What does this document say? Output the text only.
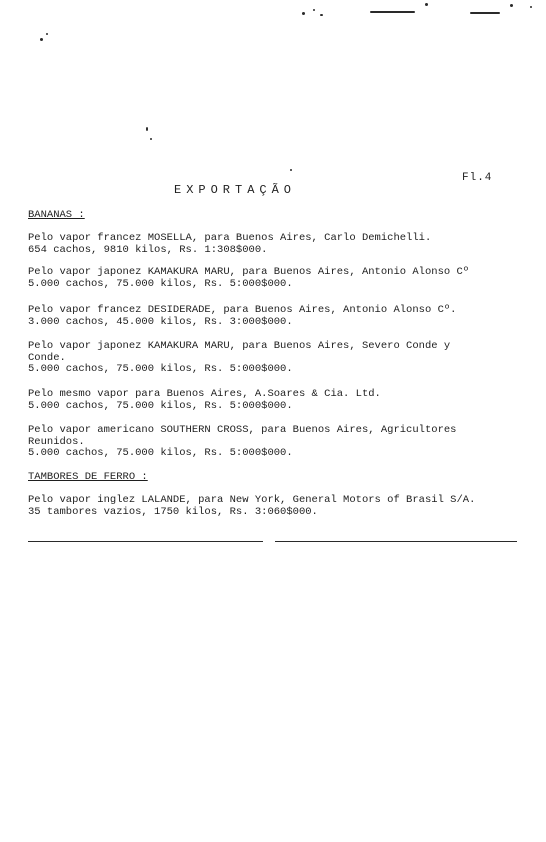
EXPORTAÇÃO
Fl.4
BANANAS :
Pelo vapor francez MOSELLA, para Buenos Aires, Carlo Demichelli.
654 cachos, 9810 kilos, Rs. 1:308$000.
Pelo vapor japonez KAMAKURA MARU, para Buenos Aires, Antonio Alonso Cº
5.000 cachos, 75.000 kilos, Rs. 5:000$000.
Pelo vapor francez DESIDERADE, para Buenos Aires, Antonio Alonso Cº.
3.000 cachos, 45.000 kilos, Rs. 3:000$000.
Pelo vapor japonez KAMAKURA MARU, para Buenos Aires, Severo Conde y
Conde.
5.000 cachos, 75.000 kilos, Rs. 5:000$000.
Pelo mesmo vapor para Buenos Aires, A.Soares & Cia. Ltd.
5.000 cachos, 75.000 kilos, Rs. 5:000$000.
Pelo vapor americano SOUTHERN CROSS, para Buenos Aires, Agricultores
Reunidos.
5.000 cachos, 75.000 kilos, Rs. 5:000$000.
TAMBORES DE FERRO :
Pelo vapor inglez LALANDE, para New York, General Motors of Brasil S/A.
35 tambores vazios, 1750 kilos, Rs. 3:060$000.
